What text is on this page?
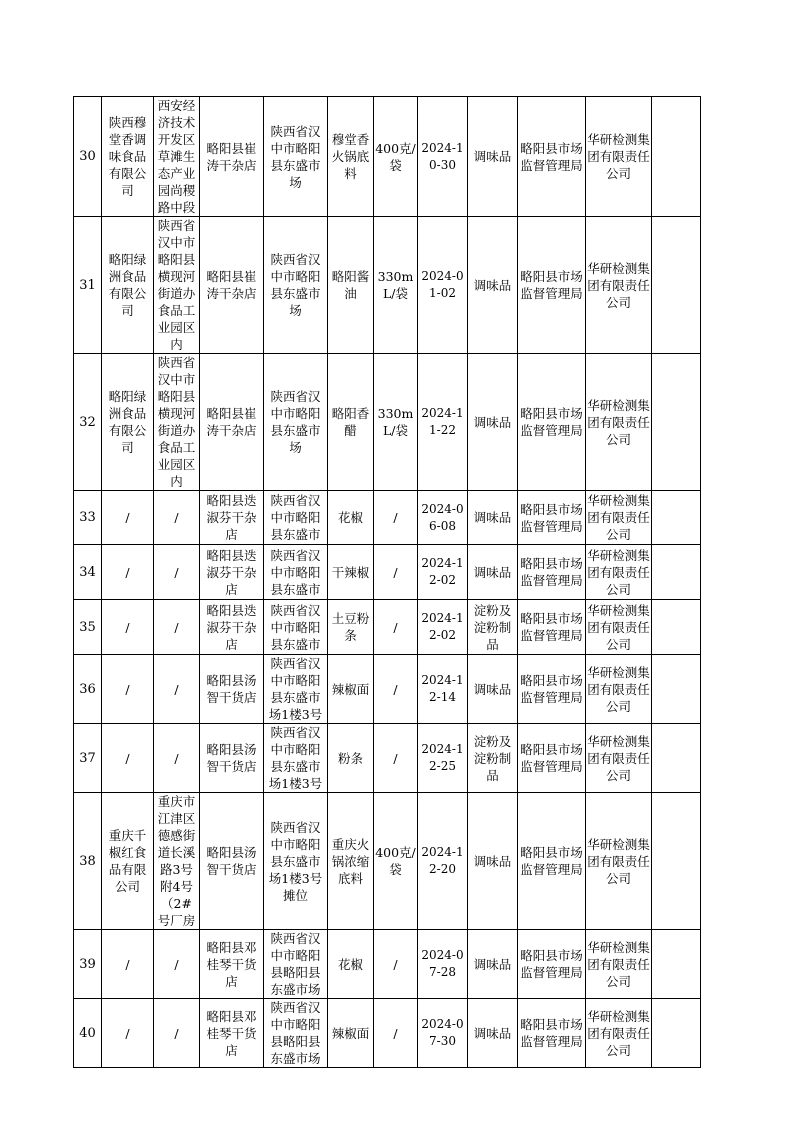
30	陕西穆堂香调味食品有限公司	西安经济技术开发区草滩生态产业园尚稷路中段	略阳县崔涛干杂店	陕西省汉中市略阳县东盛市场	穆堂香火锅底料	400克/袋	2024-10-30	调味品	略阳县市场监督管理局	华研检测集团有限责任公司	
31	略阳绿洲食品有限公司	陕西省汉中市略阳县横现河街道办食品工业园区内	略阳县崔涛干杂店	陕西省汉中市略阳县东盛市场	略阳酱油	330mL/袋	2024-01-02	调味品	略阳县市场监督管理局	华研检测集团有限责任公司	
32	略阳绿洲食品有限公司	陕西省汉中市略阳县横现河街道办食品工业园区内	略阳县崔涛干杂店	陕西省汉中市略阳县东盛市场	略阳香醋	330mL/袋	2024-11-22	调味品	略阳县市场监督管理局	华研检测集团有限责任公司	
33	/	/	略阳县迭淑芬干杂店	陕西省汉中市略阳县东盛市	花椒	/	2024-06-08	调味品	略阳县市场监督管理局	华研检测集团有限责任公司	
34	/	/	略阳县迭淑芬干杂店	陕西省汉中市略阳县东盛市	干辣椒	/	2024-12-02	调味品	略阳县市场监督管理局	华研检测集团有限责任公司	
35	/	/	略阳县迭淑芬干杂店	陕西省汉中市略阳县东盛市	土豆粉条	/	2024-12-02	淀粉及淀粉制品	略阳县市场监督管理局	华研检测集团有限责任公司	
36	/	/	略阳县汤智干货店	陕西省汉中市略阳县东盛市场1楼3号	辣椒面	/	2024-12-14	调味品	略阳县市场监督管理局	华研检测集团有限责任公司	
37	/	/	略阳县汤智干货店	陕西省汉中市略阳县东盛市场1楼3号	粉条	/	2024-12-25	淀粉及淀粉制品	略阳县市场监督管理局	华研检测集团有限责任公司	
38	重庆千椒红食品有限公司	重庆市江津区德感街道长溪路3号附4号（2#号厂房	略阳县汤智干货店	陕西省汉中市略阳县东盛市场1楼3号摊位	重庆火锅浓缩底料	400克/袋	2024-12-20	调味品	略阳县市场监督管理局	华研检测集团有限责任公司	
39	/	/	略阳县邓桂琴干货店	陕西省汉中市略阳县略阳县东盛市场	花椒	/	2024-07-28	调味品	略阳县市场监督管理局	华研检测集团有限责任公司	
40	/	/	略阳县邓桂琴干货店	陕西省汉中市略阳县略阳县东盛市场	辣椒面	/	2024-07-30	调味品	略阳县市场监督管理局	华研检测集团有限责任公司	
